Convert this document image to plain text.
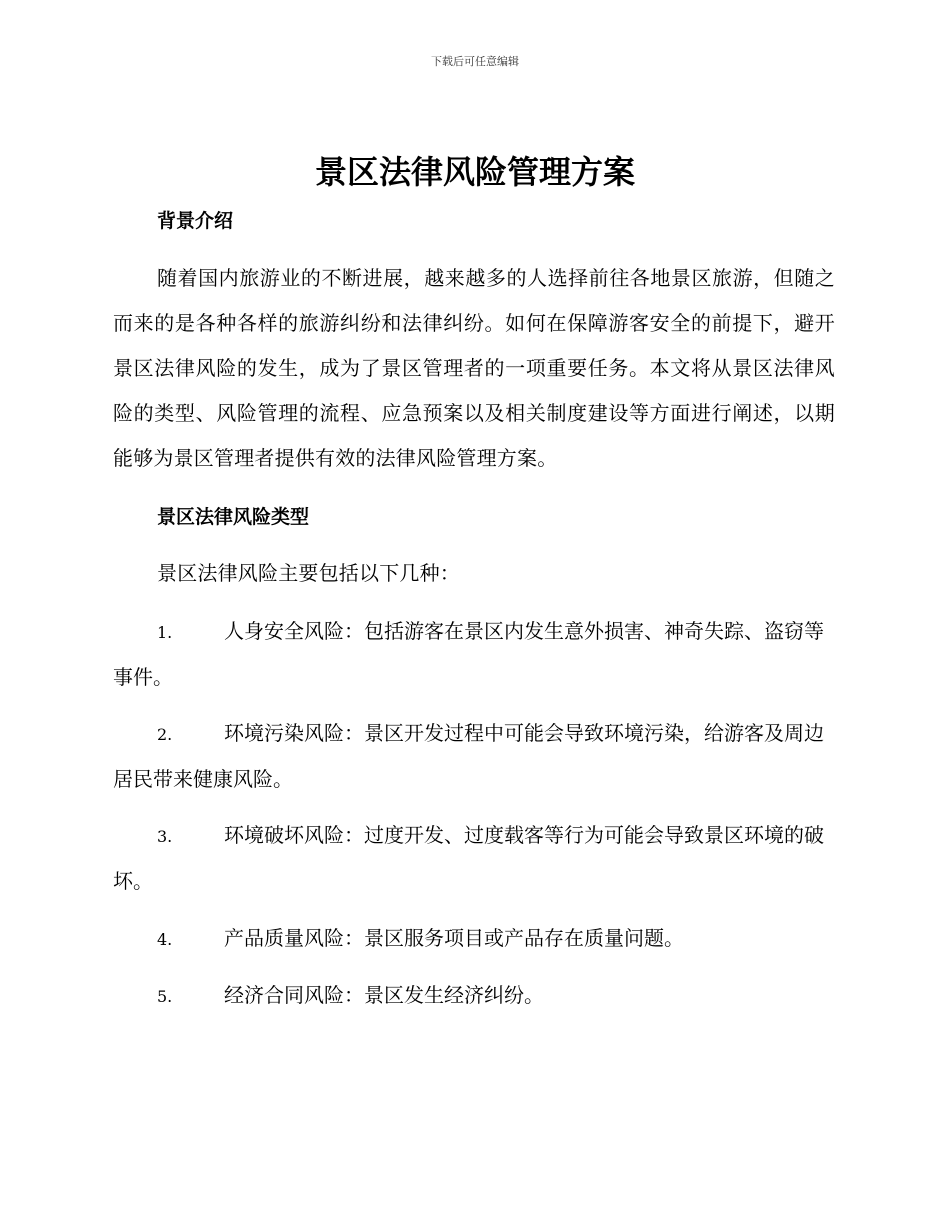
下载后可任意编辑
景区法律风险管理方案
背景介绍

随着国内旅游业的不断进展，越来越多的人选择前往各地景区旅游，但随之而来的是各种各样的旅游纠纷和法律纠纷。如何在保障游客安全的前提下，避开景区法律风险的发生，成为了景区管理者的一项重要任务。本文将从景区法律风险的类型、风险管理的流程、应急预案以及相关制度建设等方面进行阐述，以期能够为景区管理者提供有效的法律风险管理方案。

景区法律风险类型

景区法律风险主要包括以下几种：

1.	人身安全风险：包括游客在景区内发生意外损害、神奇失踪、盗窃等事件。
2.	环境污染风险：景区开发过程中可能会导致环境污染，给游客及周边居民带来健康风险。
3.	环境破坏风险：过度开发、过度载客等行为可能会导致景区环境的破坏。
4.	产品质量风险：景区服务项目或产品存在质量问题。
5.	经济合同风险：景区发生经济纠纷。
